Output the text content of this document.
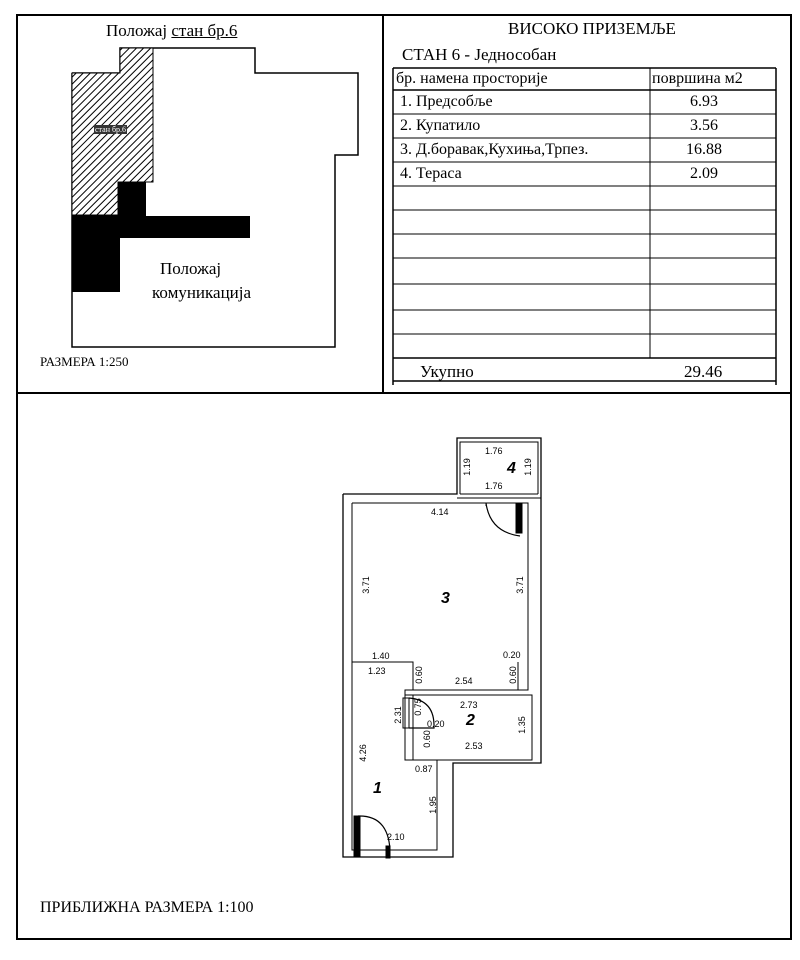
Положај стан бр.6
стан бр.6
Положај
комуникација
РАЗМЕРА 1:250
ВИСОКО ПРИЗЕМЉЕ
СТАН 6 - Једнособан
бр. намена просторије	површина м2
1. Предсобље	6.93
2. Купатило	3.56
3. Д.боравак,Кухиња,Трпез.	16.88
4. Тераса	2.09
Укупно	29.46
4
3
2
1
1.76
1.76
4.14
1.40
1.23
2.54
0.20
2.73
0.20
2.53
0.87
2.10
1.19	1.19
3.71	3.71
0.60	0.60
2.31 0.75
0.60
1.35
4.26
1.95
ПРИБЛИЖНА РАЗМЕРА 1:100
